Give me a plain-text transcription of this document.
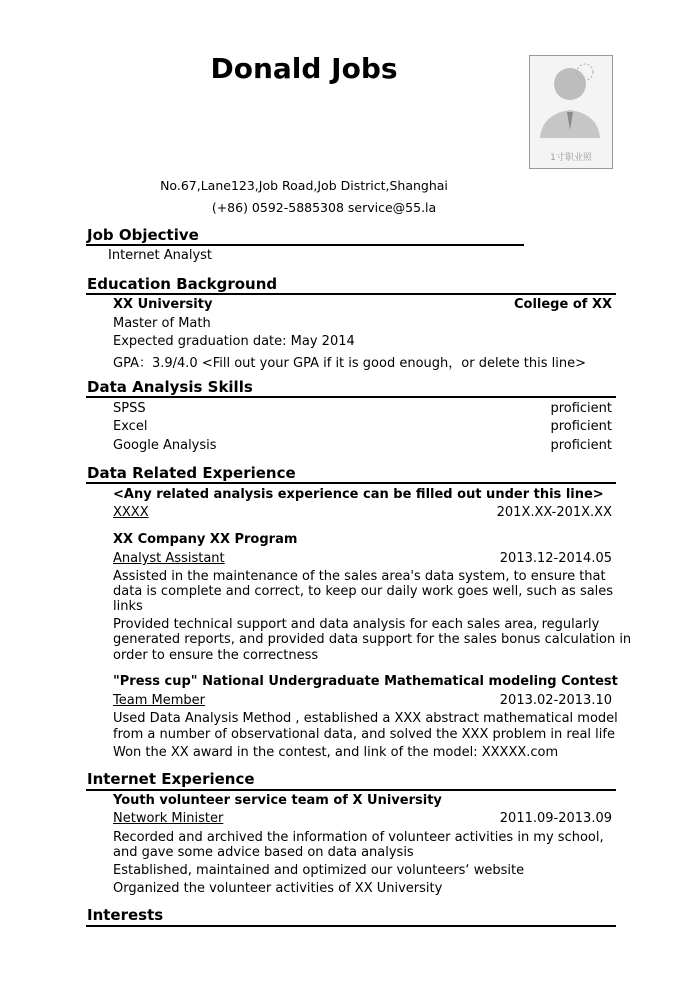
Donald Jobs
1寸职业照
No.67,Lane123,Job Road,Job District,Shanghai
(+86) 0592-5885308 service@55.la
Job Objective
Internet Analyst
Education Background
XX University	College of XX
Master of Math
Expected graduation date: May 2014
GPA：3.9/4.0 <Fill out your GPA if it is good enough，or delete this line>
Data Analysis Skills
SPSS	proficient
Excel	proficient
Google Analysis	proficient
Data Related Experience
<Any related analysis experience can be filled out under this line>
XXXX	201X.XX-201X.XX
XX Company XX Program
Analyst Assistant	2013.12-2014.05
Assisted in the maintenance of the sales area's data system, to ensure that
data is complete and correct, to keep our daily work goes well, such as sales
links
Provided technical support and data analysis for each sales area, regularly
generated reports, and provided data support for the sales bonus calculation in
order to ensure the correctness
"Press cup" National Undergraduate Mathematical modeling Contest
Team Member	2013.02-2013.10
Used Data Analysis Method , established a XXX abstract mathematical model
from a number of observational data, and solved the XXX problem in real life
Won the XX award in the contest, and link of the model: XXXXX.com
Internet Experience
Youth volunteer service team of X University
Network Minister	2011.09-2013.09
Recorded and archived the information of volunteer activities in my school,
and gave some advice based on data analysis
Established, maintained and optimized our volunteers‘ website
Organized the volunteer activities of XX University
Interests
